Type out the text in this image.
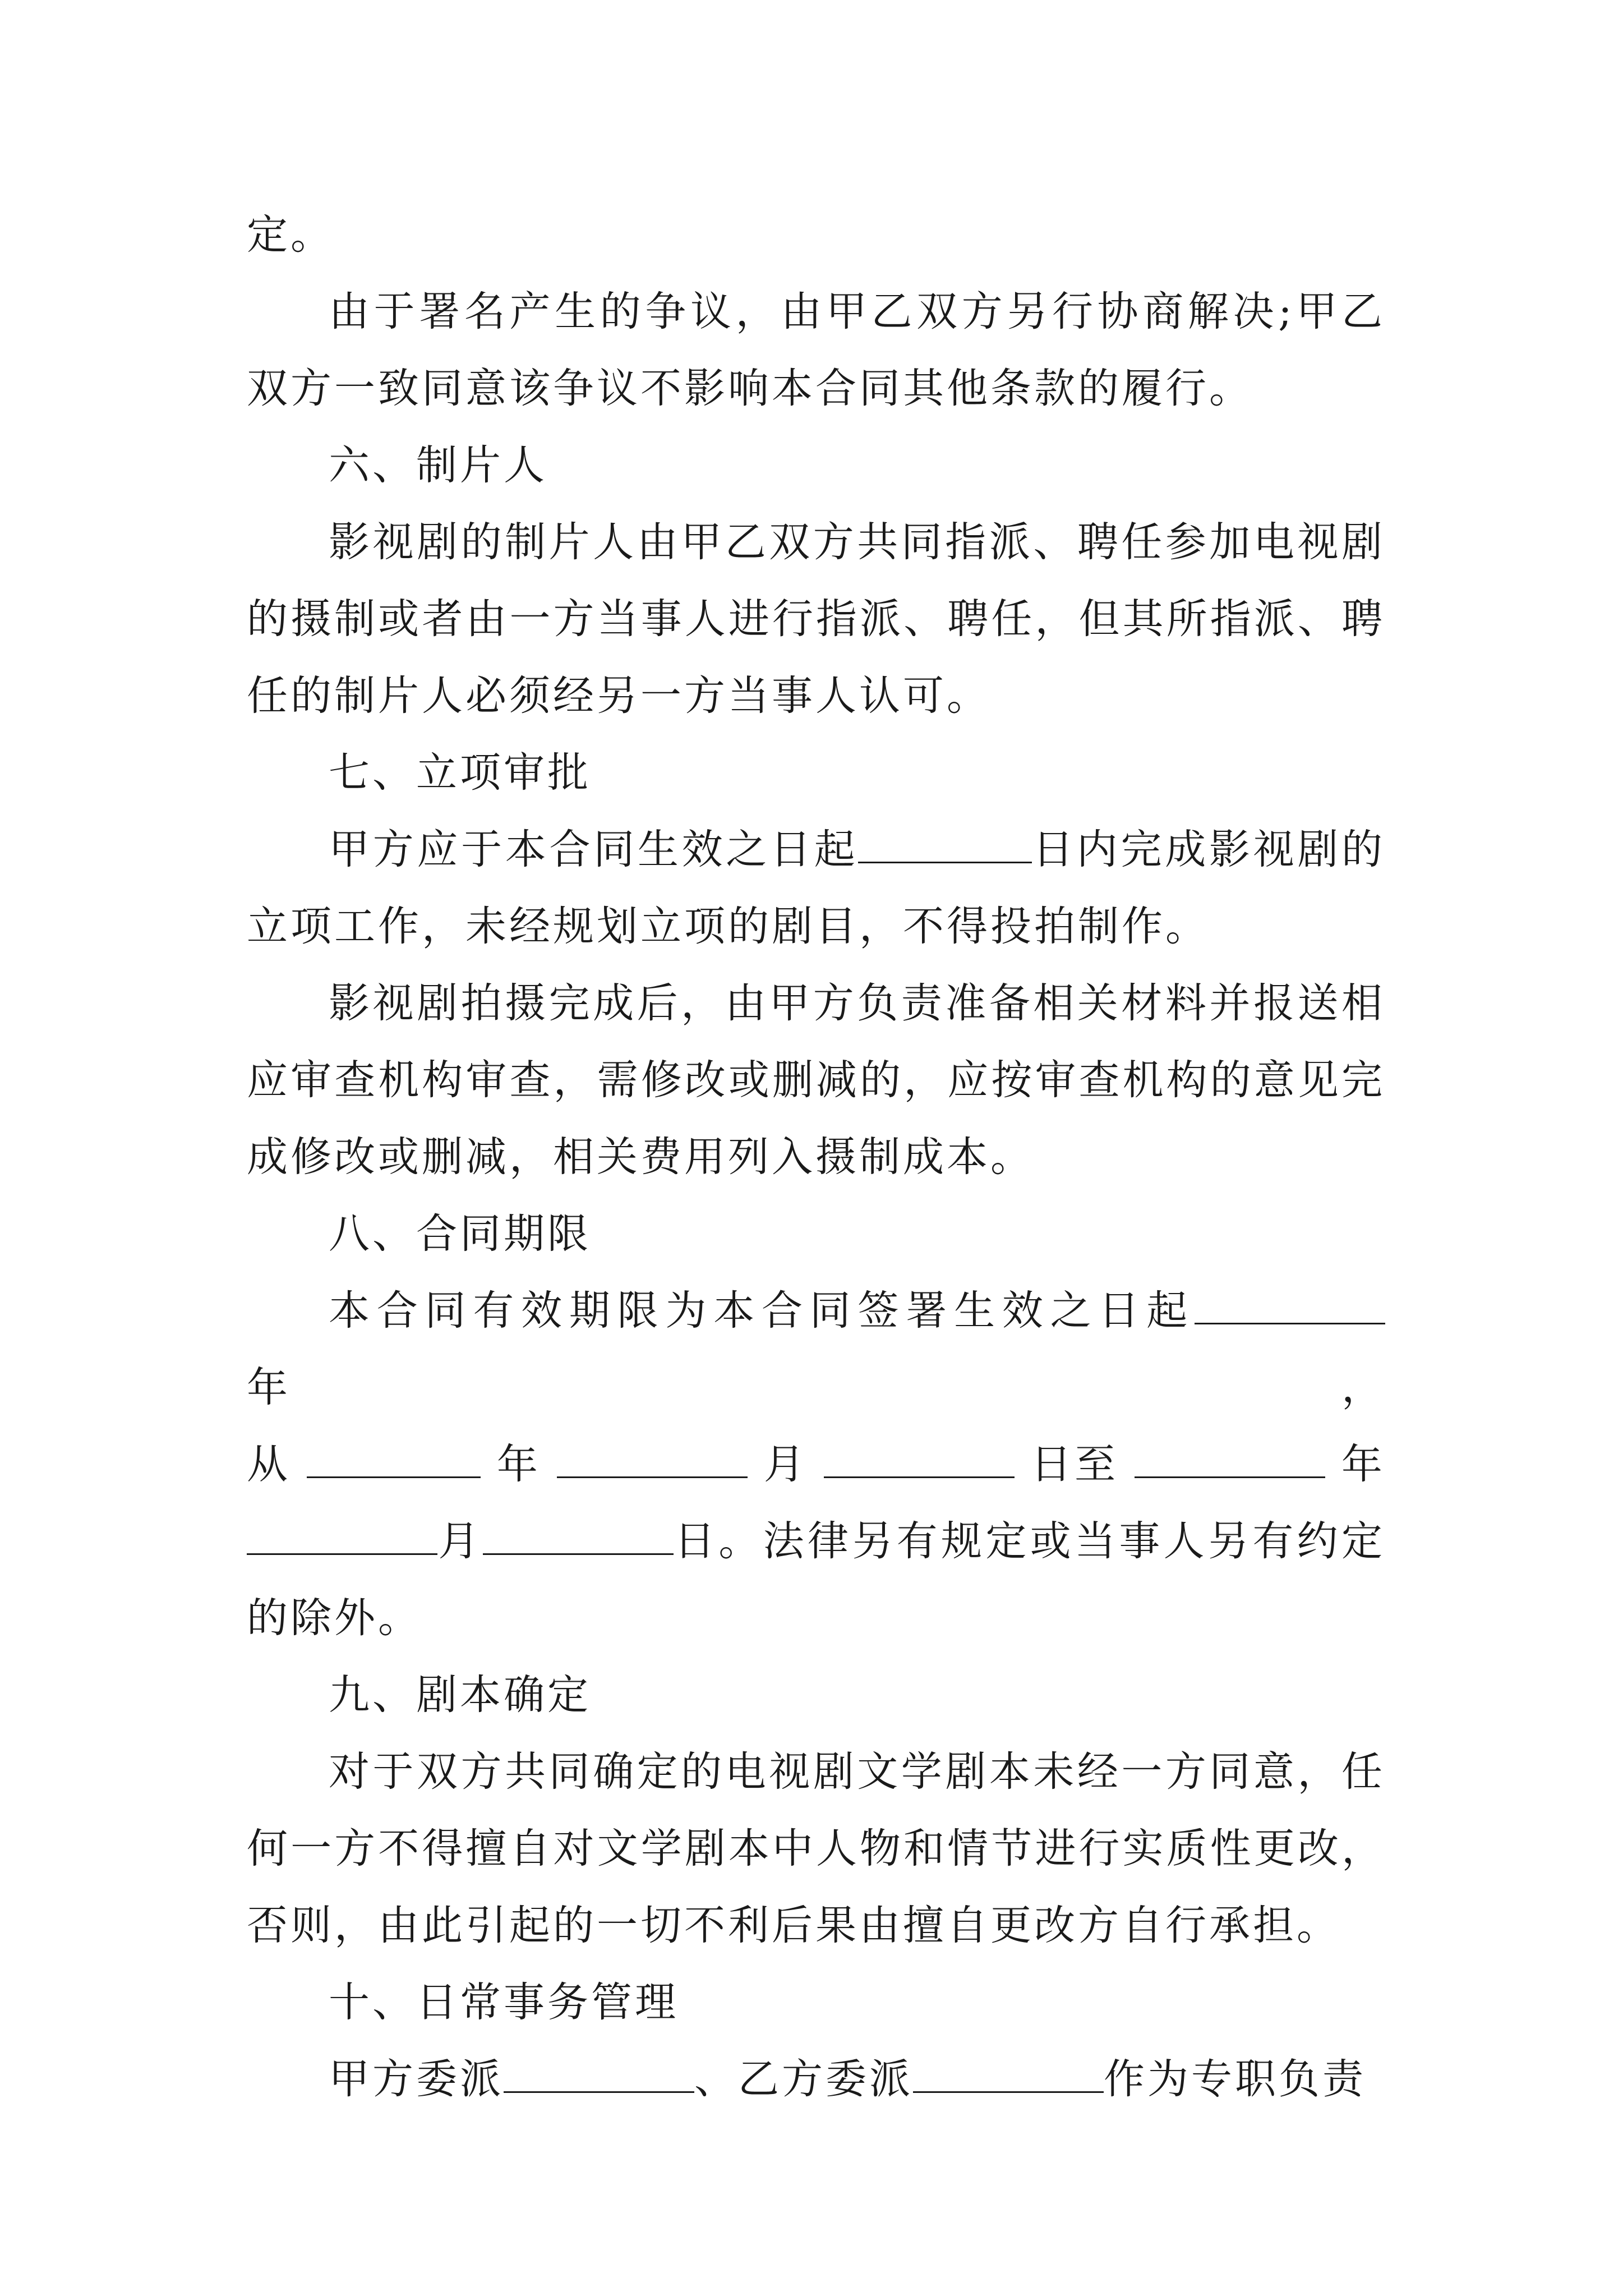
定。

由于署名产生的争议，由甲乙双方另行协商解决;甲乙双方一致同意该争议不影响本合同其他条款的履行。

六、制片人

影视剧的制片人由甲乙双方共同指派、聘任参加电视剧的摄制或者由一方当事人进行指派、聘任，但其所指派、聘任的制片人必须经另一方当事人认可。

七、立项审批

甲方应于本合同生效之日起	日内完成影视剧的立项工作，未经规划立项的剧目，不得投拍制作。

影视剧拍摄完成后，由甲方负责准备相关材料并报送相应审查机构审查，需修改或删减的，应按审查机构的意见完成修改或删减，相关费用列入摄制成本。

八、合同期限

本合同有效期限为本合同签署生效之日起年，

从	年	月	日至	年

月	日。法律另有规定或当事人另有约定的除外。

九、剧本确定

对于双方共同确定的电视剧文学剧本未经一方同意，任何一方不得擅自对文学剧本中人物和情节进行实质性更改，否则，由此引起的一切不利后果由擅自更改方自行承担。

十、日常事务管理

甲方委派	、乙方委派	作为专职负责
